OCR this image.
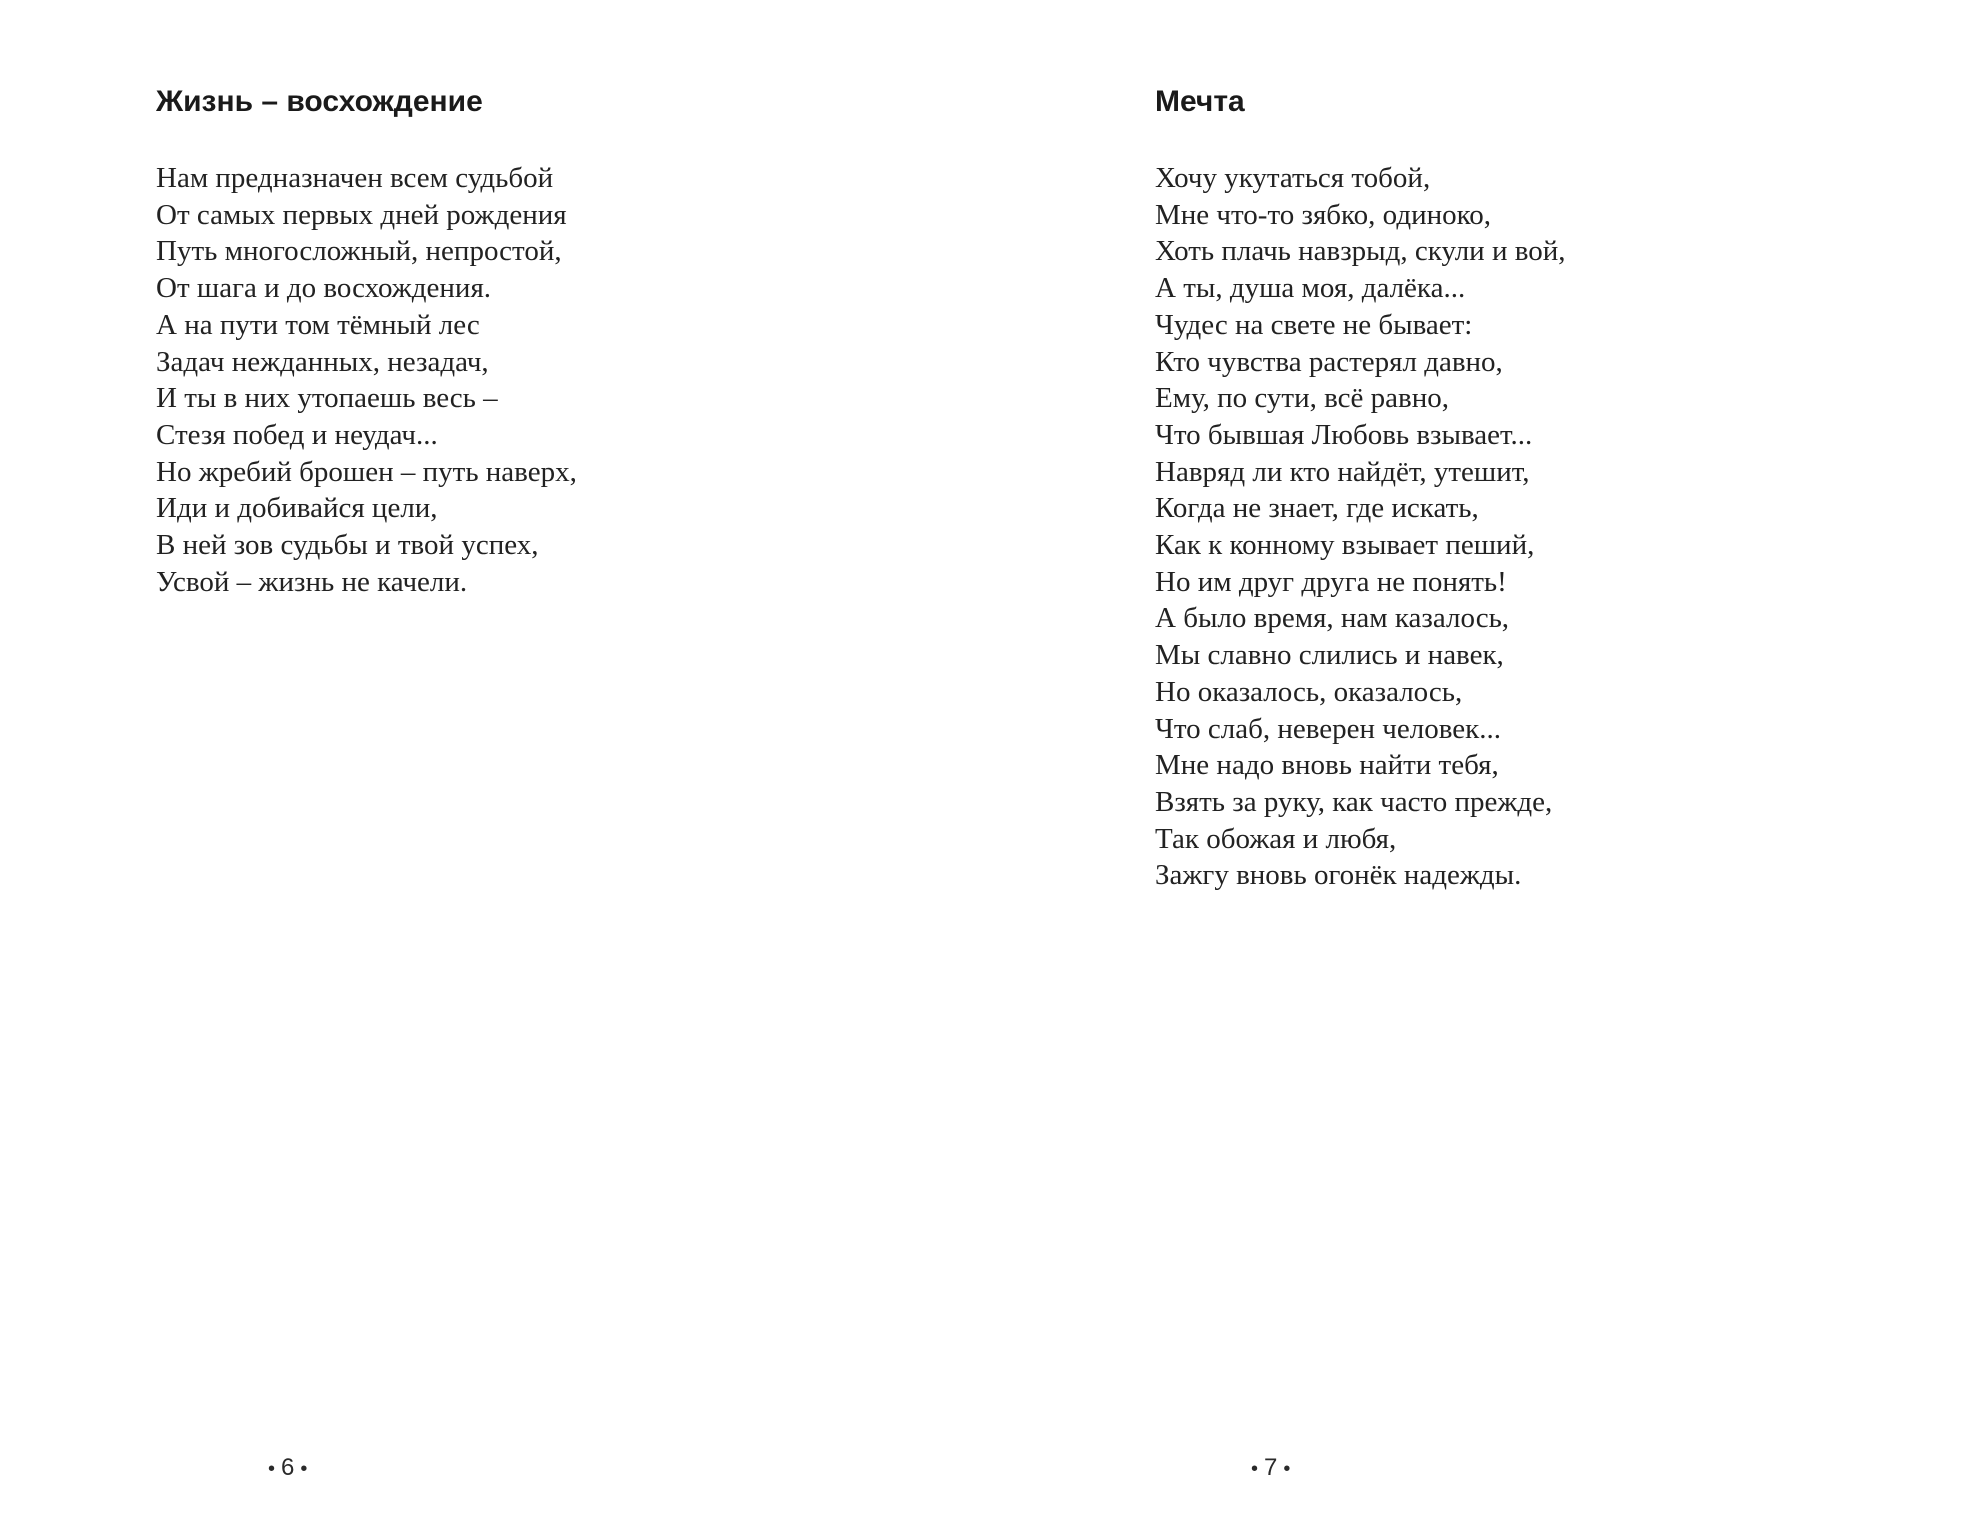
Жизнь – восхождение
Нам предназначен всем судьбой
От самых первых дней рождения
Путь многосложный, непростой,
От шага и до восхождения.
А на пути том тёмный лес
Задач нежданных, незадач,
И ты в них утопаешь весь –
Стезя побед и неудач...
Но жребий брошен – путь наверх,
Иди и добивайся цели,
В ней зов судьбы и твой успех,
Усвой – жизнь не качели.
• 6 •
Мечта
Хочу укутаться тобой,
Мне что-то зябко, одиноко,
Хоть плачь навзрыд, скули и вой,
А ты, душа моя, далёка...
Чудес на свете не бывает:
Кто чувства растерял давно,
Ему, по сути, всё равно,
Что бывшая Любовь взывает...
Навряд ли кто найдёт, утешит,
Когда не знает, где искать,
Как к конному взывает пеший,
Но им друг друга не понять!
А было время, нам казалось,
Мы славно слились и навек,
Но оказалось, оказалось,
Что слаб, неверен человек...
Мне надо вновь найти тебя,
Взять за руку, как часто прежде,
Так обожая и любя,
Зажгу вновь огонёк надежды.
• 7 •
